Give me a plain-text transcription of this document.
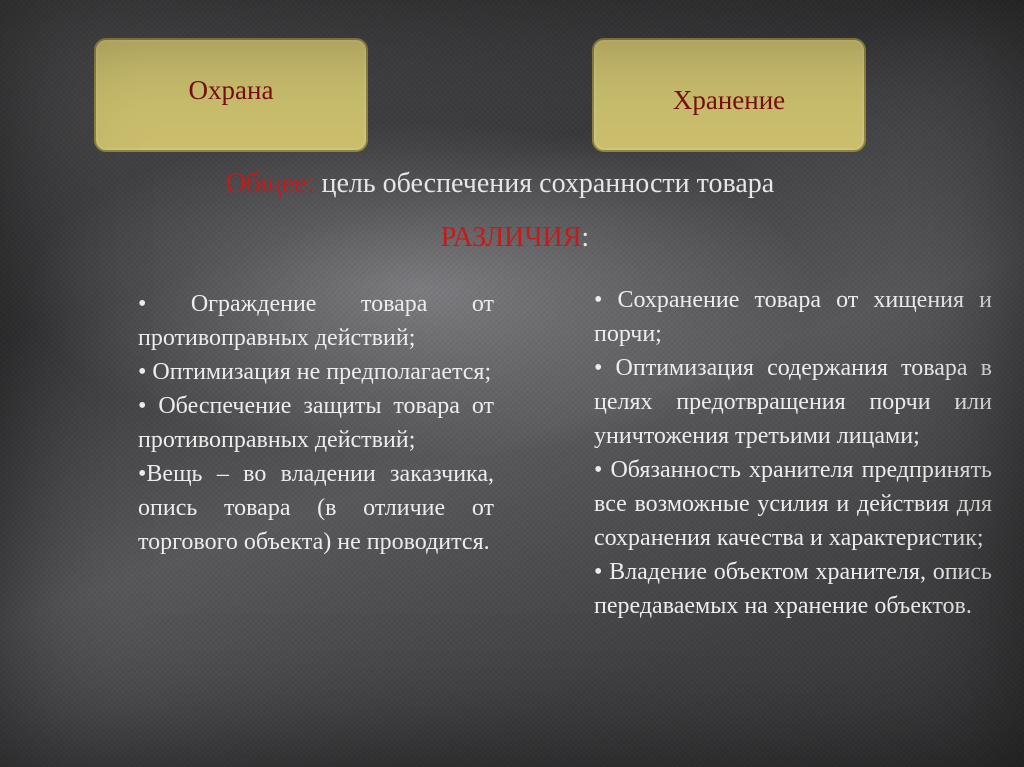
Охрана	Хранение
Общее: цель обеспечения сохранности товара
РАЗЛИЧИЯ:
• Ограждение товара от противоправных действий;
• Оптимизация не предполагается;
• Обеспечение защиты товара от противоправных действий;
•Вещь – во владении заказчика, опись товара (в отличие от торгового объекта) не проводится.
• Сохранение товара от хищения и порчи;
• Оптимизация содержания товара в целях предотвращения порчи или уничтожения третьими лицами;
• Обязанность хранителя предпринять все возможные усилия и действия для сохранения качества и характеристик;
• Владение объектом хранителя, опись передаваемых на хранение объектов.
